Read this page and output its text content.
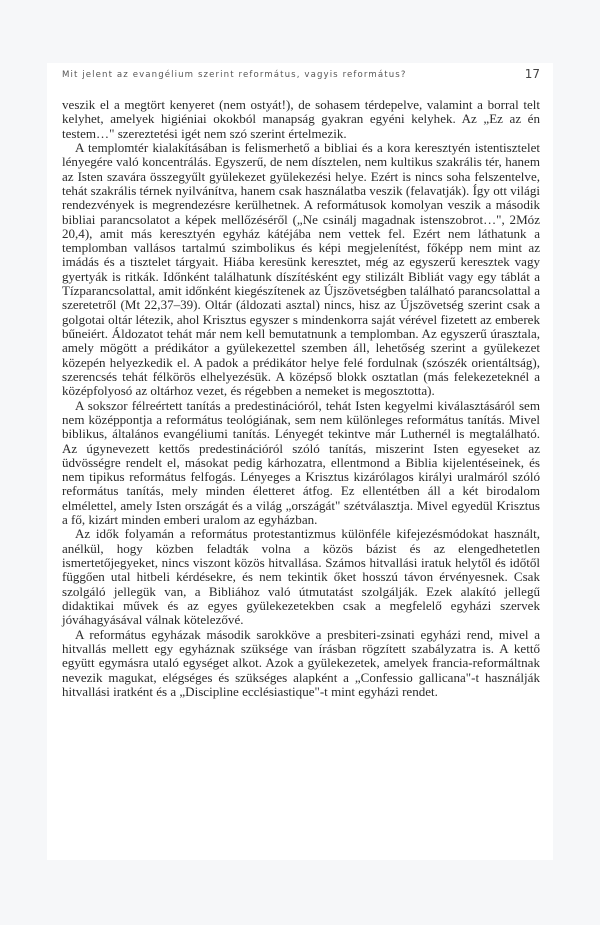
Mit jelent az evangélium szerint református, vagyis református?	17

veszik el a megtört kenyeret (nem ostyát!), de sohasem térdepelve, valamint a borral telt kelyhet, amelyek higiéniai okokból manapság gyakran egyéni kelyhek. Az „Ez az én testem…" szereztetési igét nem szó szerint értelmezik.

A templomtér kialakításában is felismerhető a bibliai és a kora keresztyén istentisztelet lényegére való koncentrálás. Egyszerű, de nem dísztelen, nem kultikus szakrális tér, hanem az Isten szavára összegyűlt gyülekezet gyülekezési helye. Ezért is nincs soha felszentelve, tehát szakrális térnek nyilvánítva, hanem csak használatba veszik (felavatják). Így ott világi rendezvények is megrendezésre kerülhetnek. A reformátusok komolyan veszik a második bibliai parancsolatot a képek mellőzéséről („Ne csinálj magadnak istenszobrot…", 2Móz 20,4), amit más keresztyén egyház kátéjába nem vettek fel. Ezért nem láthatunk a templomban vallásos tartalmú szimbolikus és képi megjelenítést, főképp nem mint az imádás és a tisztelet tárgyait. Hiába keresünk keresztet, még az egyszerű keresztek vagy gyertyák is ritkák. Időnként találhatunk díszítésként egy stilizált Bibliát vagy egy táblát a Tízparancsolattal, amit időnként kiegészítenek az Újszövetségben található parancsolattal a szeretetről (Mt 22,37–39). Oltár (áldozati asztal) nincs, hisz az Újszövetség szerint csak a golgotai oltár létezik, ahol Krisztus egyszer s mindenkorra saját vérével fizetett az emberek bűneiért. Áldozatot tehát már nem kell bemutatnunk a templomban. Az egyszerű úrasztala, amely mögött a prédikátor a gyülekezettel szemben áll, lehetőség szerint a gyülekezet közepén helyezkedik el. A padok a prédikátor helye felé fordulnak (szószék orientáltság), szerencsés tehát félkörös elhelyezésük. A középső blokk osztatlan (más felekezeteknél a középfolyosó az oltárhoz vezet, és régebben a nemeket is megosztotta).

A sokszor félreértett tanítás a predestinációról, tehát Isten kegyelmi kiválasztásáról sem nem középpontja a református teológiának, sem nem különleges református tanítás. Mivel biblikus, általános evangéliumi tanítás. Lényegét tekintve már Luthernél is megtalálható. Az úgynevezett kettős predestinációról szóló tanítás, miszerint Isten egyeseket az üdvösségre rendelt el, másokat pedig kárhozatra, ellentmond a Biblia kijelentéseinek, és nem tipikus református felfogás. Lényeges a Krisztus kizárólagos királyi uralmáról szóló református tanítás, mely minden életteret átfog. Ez ellentétben áll a két birodalom elmélettel, amely Isten országát és a világ „országát" szétválasztja. Mivel egyedül Krisztus a fő, kizárt minden emberi uralom az egyházban.

Az idők folyamán a református protestantizmus különféle kifejezésmódokat használt, anélkül, hogy közben feladták volna a közös bázist és az elengedhetetlen ismertetőjegyeket, nincs viszont közös hitvallása. Számos hitvallási iratuk helytől és időtől függően utal hitbeli kérdésekre, és nem tekintik őket hosszú távon érvényesnek. Csak szolgáló jellegük van, a Bibliához való útmutatást szolgálják. Ezek alakító jellegű didaktikai művek és az egyes gyülekezetekben csak a megfelelő egyházi szervek jóváhagyásával válnak kötelezővé.

A református egyházak második sarokköve a presbiteri-zsinati egyházi rend, mivel a hitvallás mellett egy egyháznak szüksége van írásban rögzített szabályzatra is. A kettő együtt egymásra utaló egységet alkot. Azok a gyülekezetek, amelyek francia-reformáltnak nevezik magukat, elégséges és szükséges alapként a „Confessio gallicana"-t használják hitvallási iratként és a „Discipline ecclésiastique"-t mint egyházi rendet.
